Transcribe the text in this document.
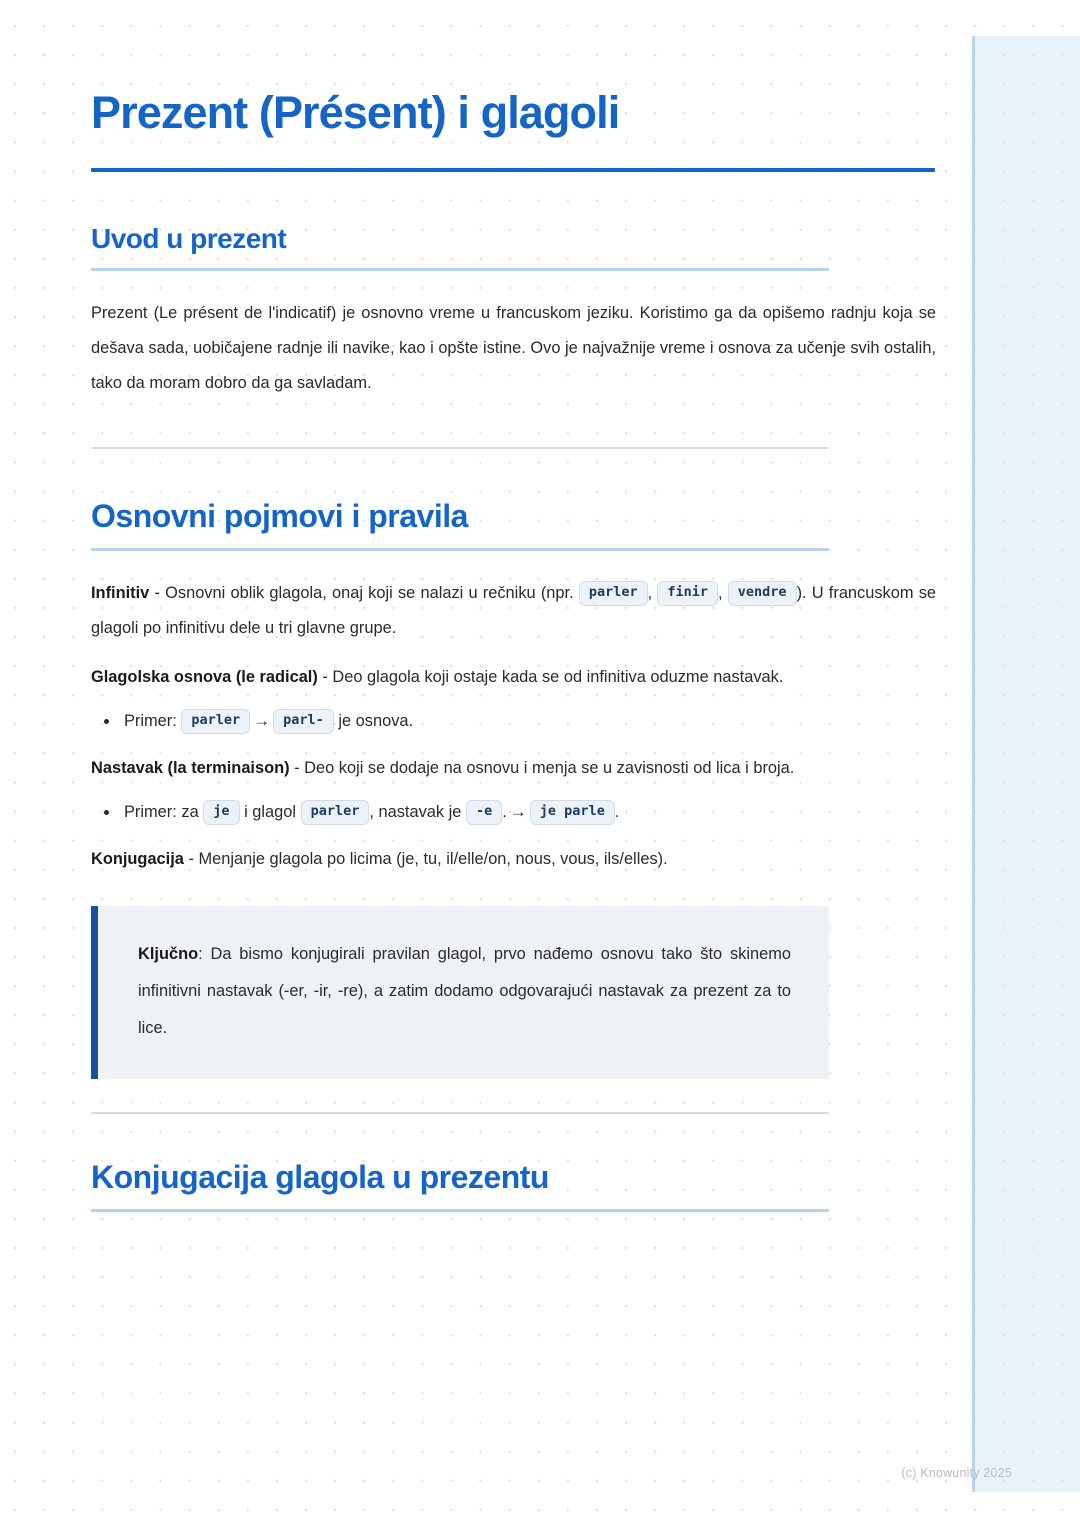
Prezent (Présent) i glagoli
Uvod u prezent

Prezent (Le présent de l'indicatif) je osnovno vreme u francuskom jeziku. Koristimo ga da opišemo radnju koja se dešava sada, uobičajene radnje ili navike, kao i opšte istine. Ovo je najvažnije vreme i osnova za učenje svih ostalih, tako da moram dobro da ga savladam.

Osnovni pojmovi i pravila

Infinitiv - Osnovni oblik glagola, onaj koji se nalazi u rečniku (npr. parler , finir , vendre ). U francuskom se glagoli po infinitivu dele u tri glavne grupe.

Glagolska osnova (le radical) - Deo glagola koji ostaje kada se od infinitiva oduzme nastavak.

Primer: parler → parl- je osnova.

Nastavak (la terminaison) - Deo koji se dodaje na osnovu i menja se u zavisnosti od lica i broja.

Primer: za je i glagol parler , nastavak je -e . → je parle .

Konjugacija - Menjanje glagola po licima (je, tu, il/elle/on, nous, vous, ils/elles).

Ključno: Da bismo konjugirali pravilan glagol, prvo nađemo osnovu tako što skinemo infinitivni nastavak (-er, -ir, -re), a zatim dodamo odgovarajući nastavak za prezent za to lice.

Konjugacija glagola u prezentu
(c) Knowunity 2025
